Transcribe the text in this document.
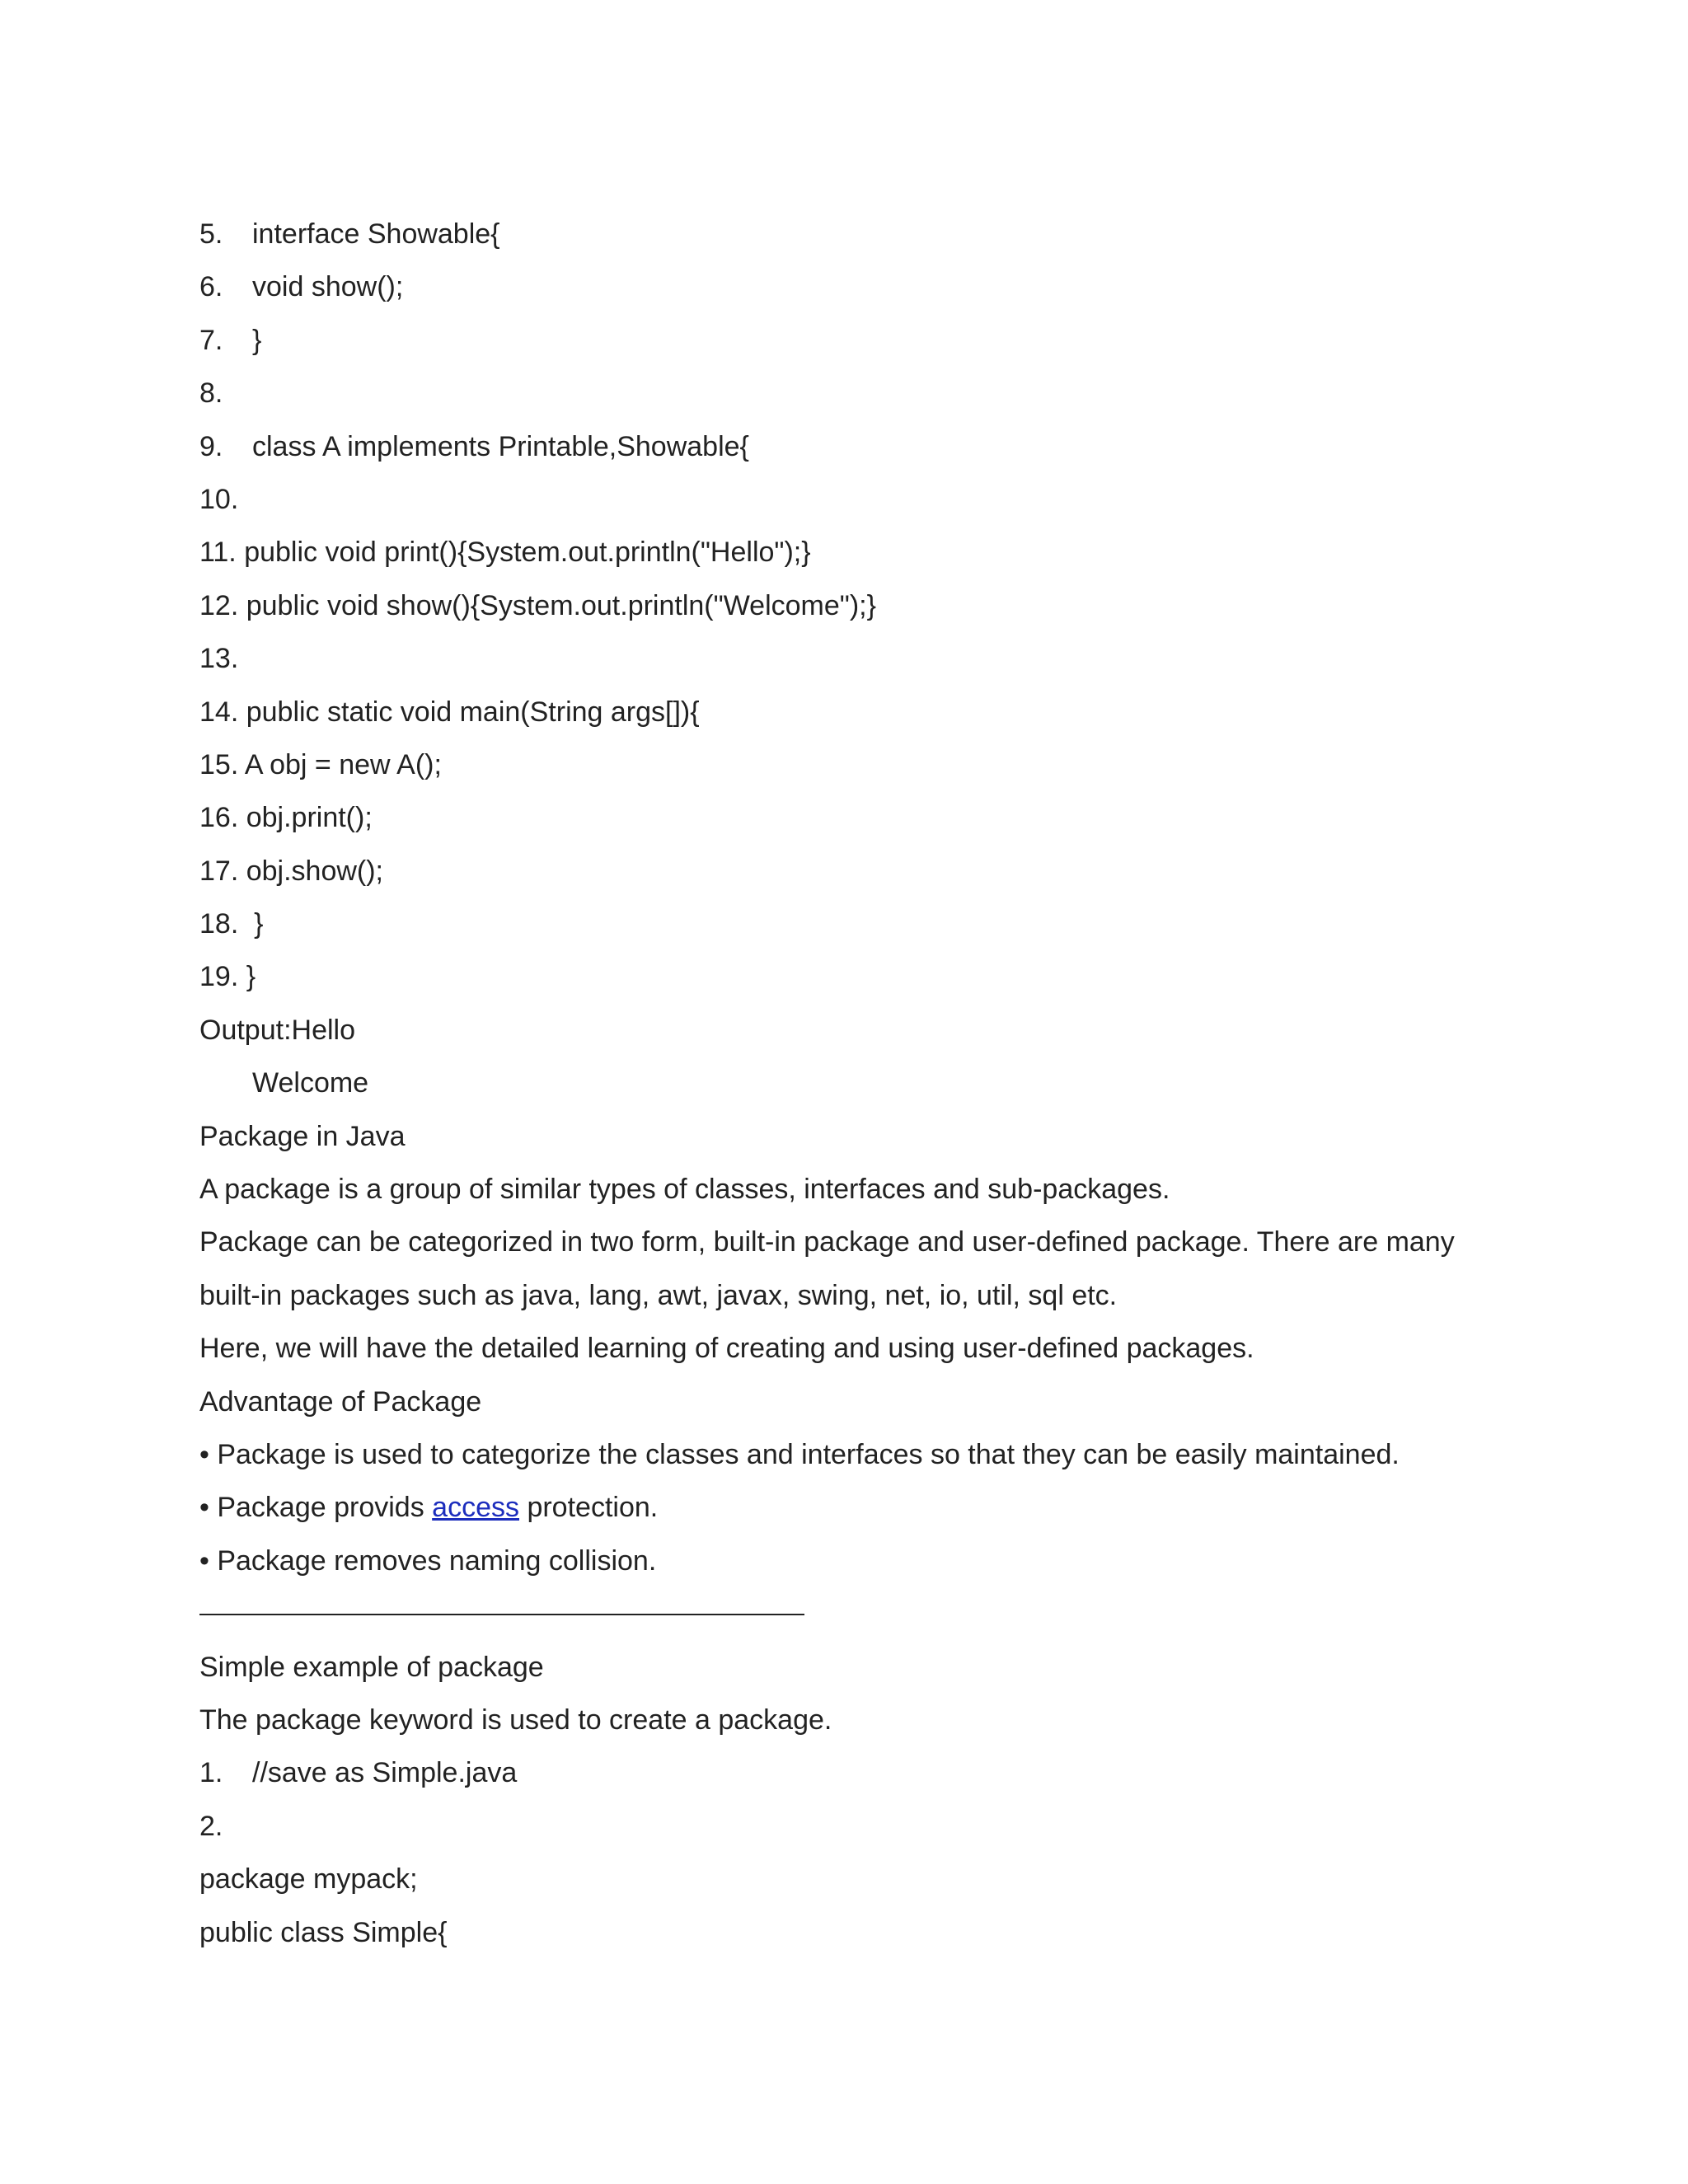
5. interface Showable{
6. void show();
7. }
8.
9. class A implements Printable,Showable{
10.
11. public void print(){System.out.println("Hello");}
12. public void show(){System.out.println("Welcome");}
13.
14. public static void main(String args[]){
15. A obj = new A();
16. obj.print();
17. obj.show();
18.  }
19. }
Output:Hello
Welcome
Package in Java
A package is a group of similar types of classes, interfaces and sub-packages.
Package can be categorized in two form, built-in package and user-defined package. There are many
built-in packages such as java, lang, awt, javax, swing, net, io, util, sql etc.
Here, we will have the detailed learning of creating and using user-defined packages.
Advantage of Package
• Package is used to categorize the classes and interfaces so that they can be easily maintained.
• Package provids access protection.
• Package removes naming collision.
Simple example of package
The package keyword is used to create a package.
1. //save as Simple.java
2.
package mypack;
public class Simple{
